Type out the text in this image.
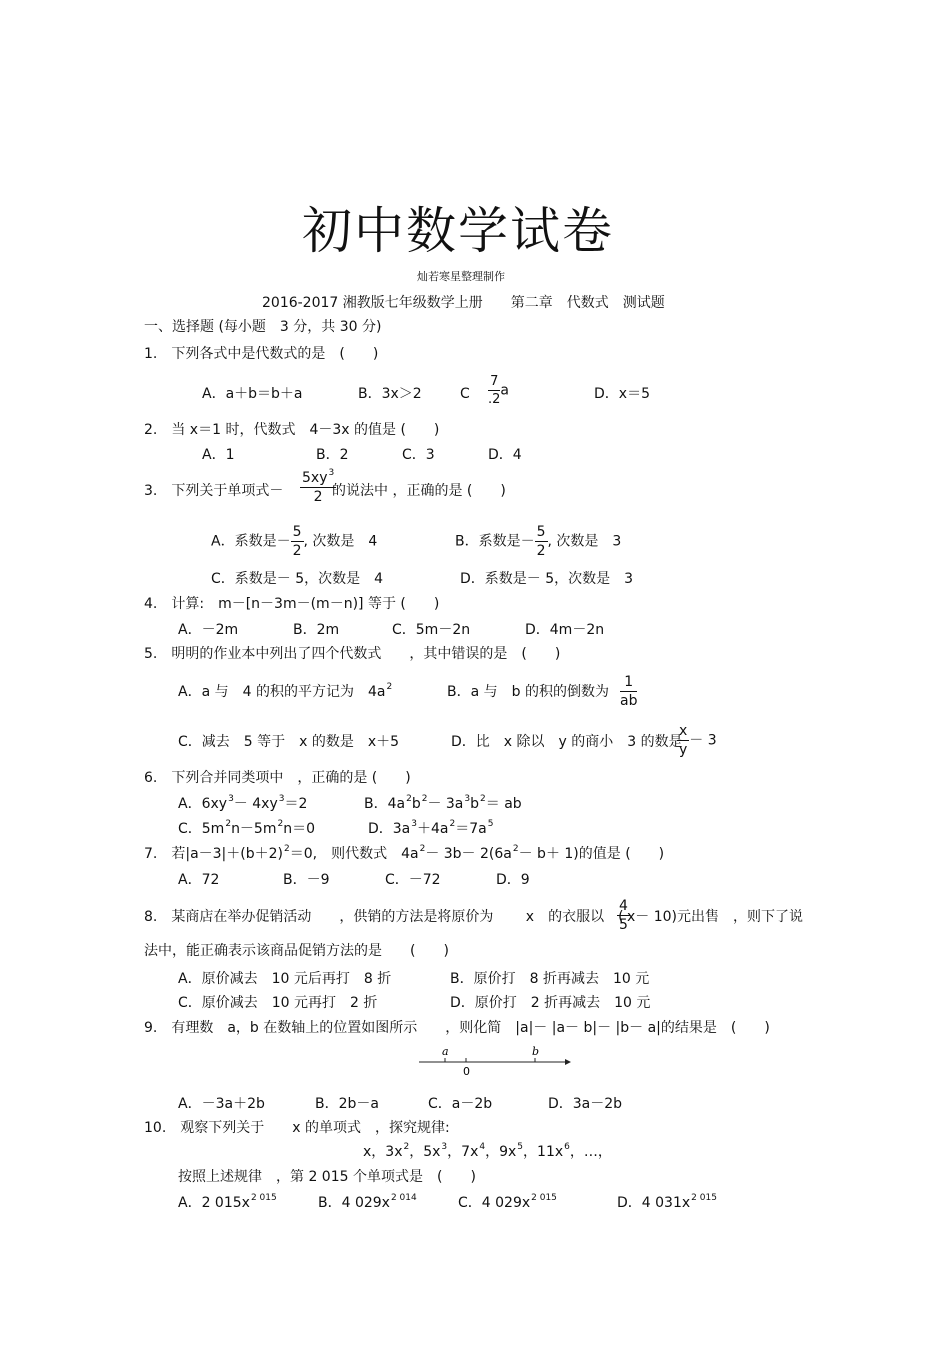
初中数学试卷
灿若寒星整理制作
2016-2017 湘教版七年级数学上册　　第二章　代数式　测试题
一、选择题 (每小题　3 分，共 30 分)
1.　下列各式中是代数式的是　(　　)
A．a＋b＝b＋a	B．3x＞2	C $\frac{7}{.2}$ a	D．x＝5
2.　当 x＝1 时，代数式　4－3x 的值是 (　　)
A．1	B．2	C．3	D．4
3.　下列关于单项式－ $\frac{5xy^3}{2}$
的说法中 ，正确的是 (　　)
A．系数是－ $\frac{5}{2}$ , 次数是　4	B．系数是－ $\frac{5}{2}$ , 次数是　3
C．系数是－ 5，次数是　4	D．系数是－ 5，次数是　3
4.　计算:　m－[n－3m－(m－n)] 等于 (　　)
A．－2m	B．2m	C．5m－2n	D．4m－2n
5.　明明的作业本中列出了四个代数式　　，其中错误的是　(　　)
A．a 与　4 的积的平方记为　$4a^2$	B．a 与　b 的积的倒数为 $\frac{1}{ab}$
C．减去　5 等于　x 的数是　x＋5	D．比　x 除以　y 的商小　3 的数是
$\frac{x}{y} - 3$
6.　下列合并同类项中　，正确的是 (　　)
A．$6xy^3- 4xy^3=2$	B．$4a^2b^2- 3a^3b^2=$ ab
C．$5m^2n-5m^2n=0$	D．$3a^3+4a^2=7a^5$
7.　若$|a-3|+(b+2)^2=0$,　则代数式　$4a^2- 3b- 2(6a^2- b+ 1)$的值是 (　　)
A．72	B．－9	C．－72	D．9
8.　某商店在举办促销活动　　，供销的方法是将原价为　　 x　的衣服以　(
$\frac{4}{5}$
x－ 10)元出售　，则下了说
法中，能正确表示该商品促销方法的是　　(　　)
A．原价减去　10 元后再打　8 折	B．原价打　8 折再减去　10 元
C．原价减去　10 元再打　2 折	D．原价打　2 折再减去　10 元
9.　有理数　a，b 在数轴上的位置如图所示　　，则化简　|a|－ |a－ b|－ |b－ a|的结果是　(　　)
a	b
0
A．－3a＋2b	B．2b－a	C．a－2b	D．3a－2b
10.　观察下列关于　　x 的单项式　，探究规律:
x，$3x^2$，$5x^3$，$7x^4$，$9x^5$，$11x^6$，…，
按照上述规律　，第 2 015 个单项式是　(　　)
A．2 $015x^{2 015}$	B．4 $029x^{2 014}$	C．4 $029x^{2 015}$	D．4 $031x^{2 015}$
